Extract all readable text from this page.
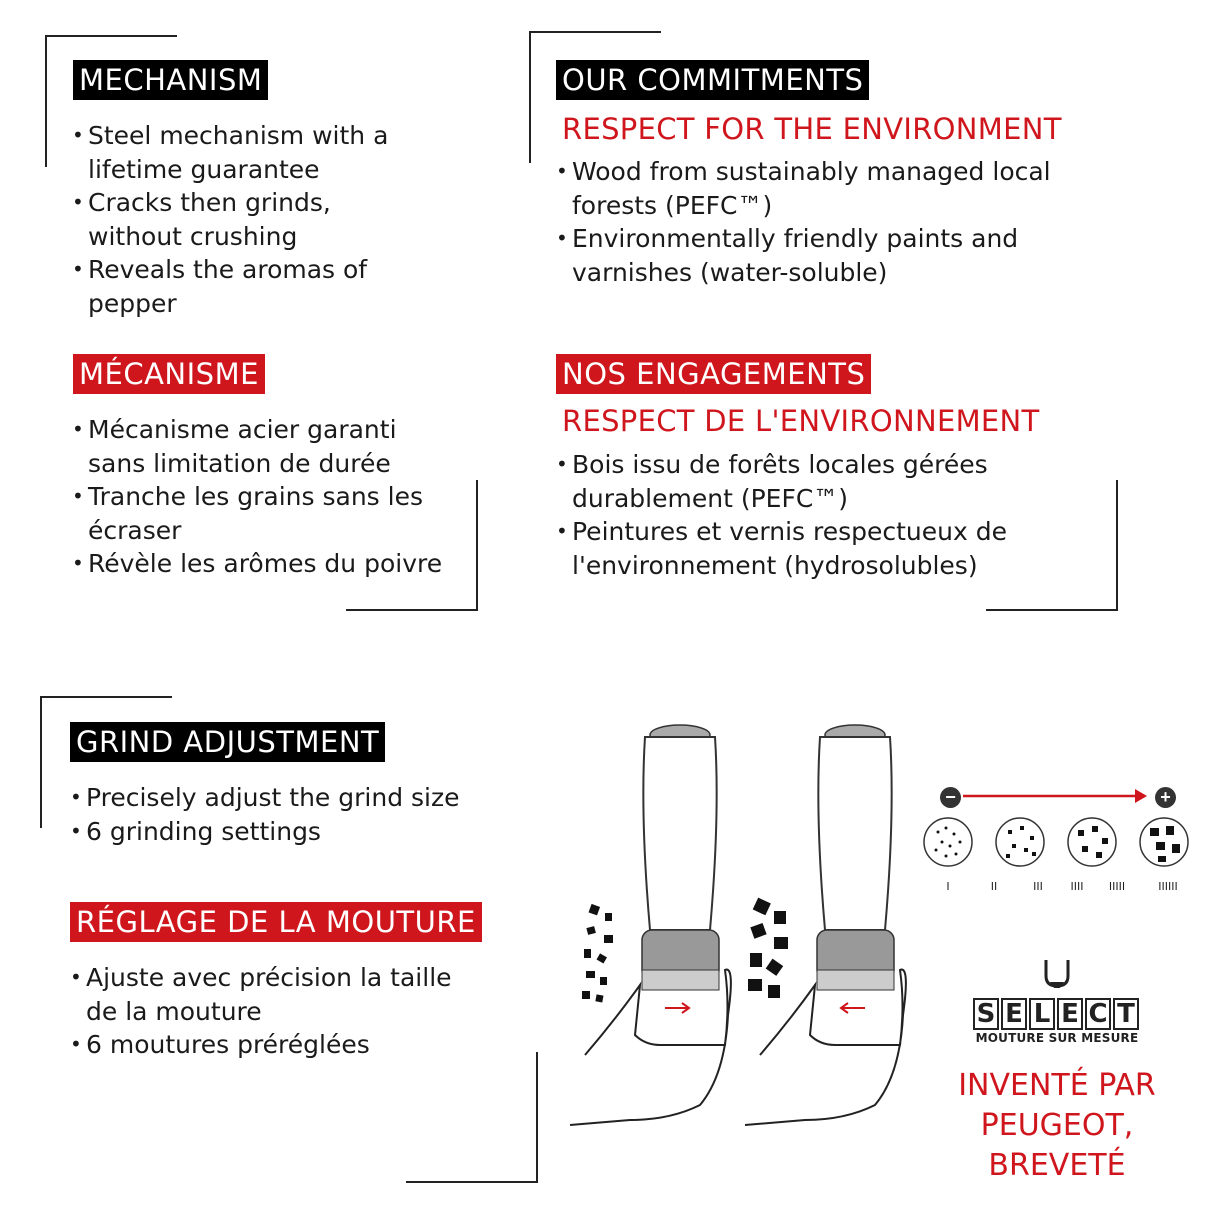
MECHANISM
• Steel mechanism with a lifetime guarantee
• Cracks then grinds, without crushing
• Reveals the aromas of pepper
MÉCANISME
• Mécanisme acier garanti sans limitation de durée
• Tranche les grains sans les écraser
• Révèle les arômes du poivre
OUR COMMITMENTS
RESPECT FOR THE ENVIRONMENT
• Wood from sustainably managed local forests (PEFC™)
• Environmentally friendly paints and varnishes (water-soluble)
NOS ENGAGEMENTS
RESPECT DE L'ENVIRONNEMENT
• Bois issu de forêts locales gérées durablement (PEFC™)
• Peintures et vernis respectueux de l'environnement (hydrosolubles)
GRIND ADJUSTMENT
• Precisely adjust the grind size
• 6 grinding settings
RÉGLAGE DE LA MOUTURE
• Ajuste avec précision la taille de la mouture
• 6 moutures préréglées
−	+
I	II	III	IIII	IIIII	IIIIII
S E L E C T
MOUTURE SUR MESURE
INVENTÉ PAR
PEUGEOT,
BREVETÉ
